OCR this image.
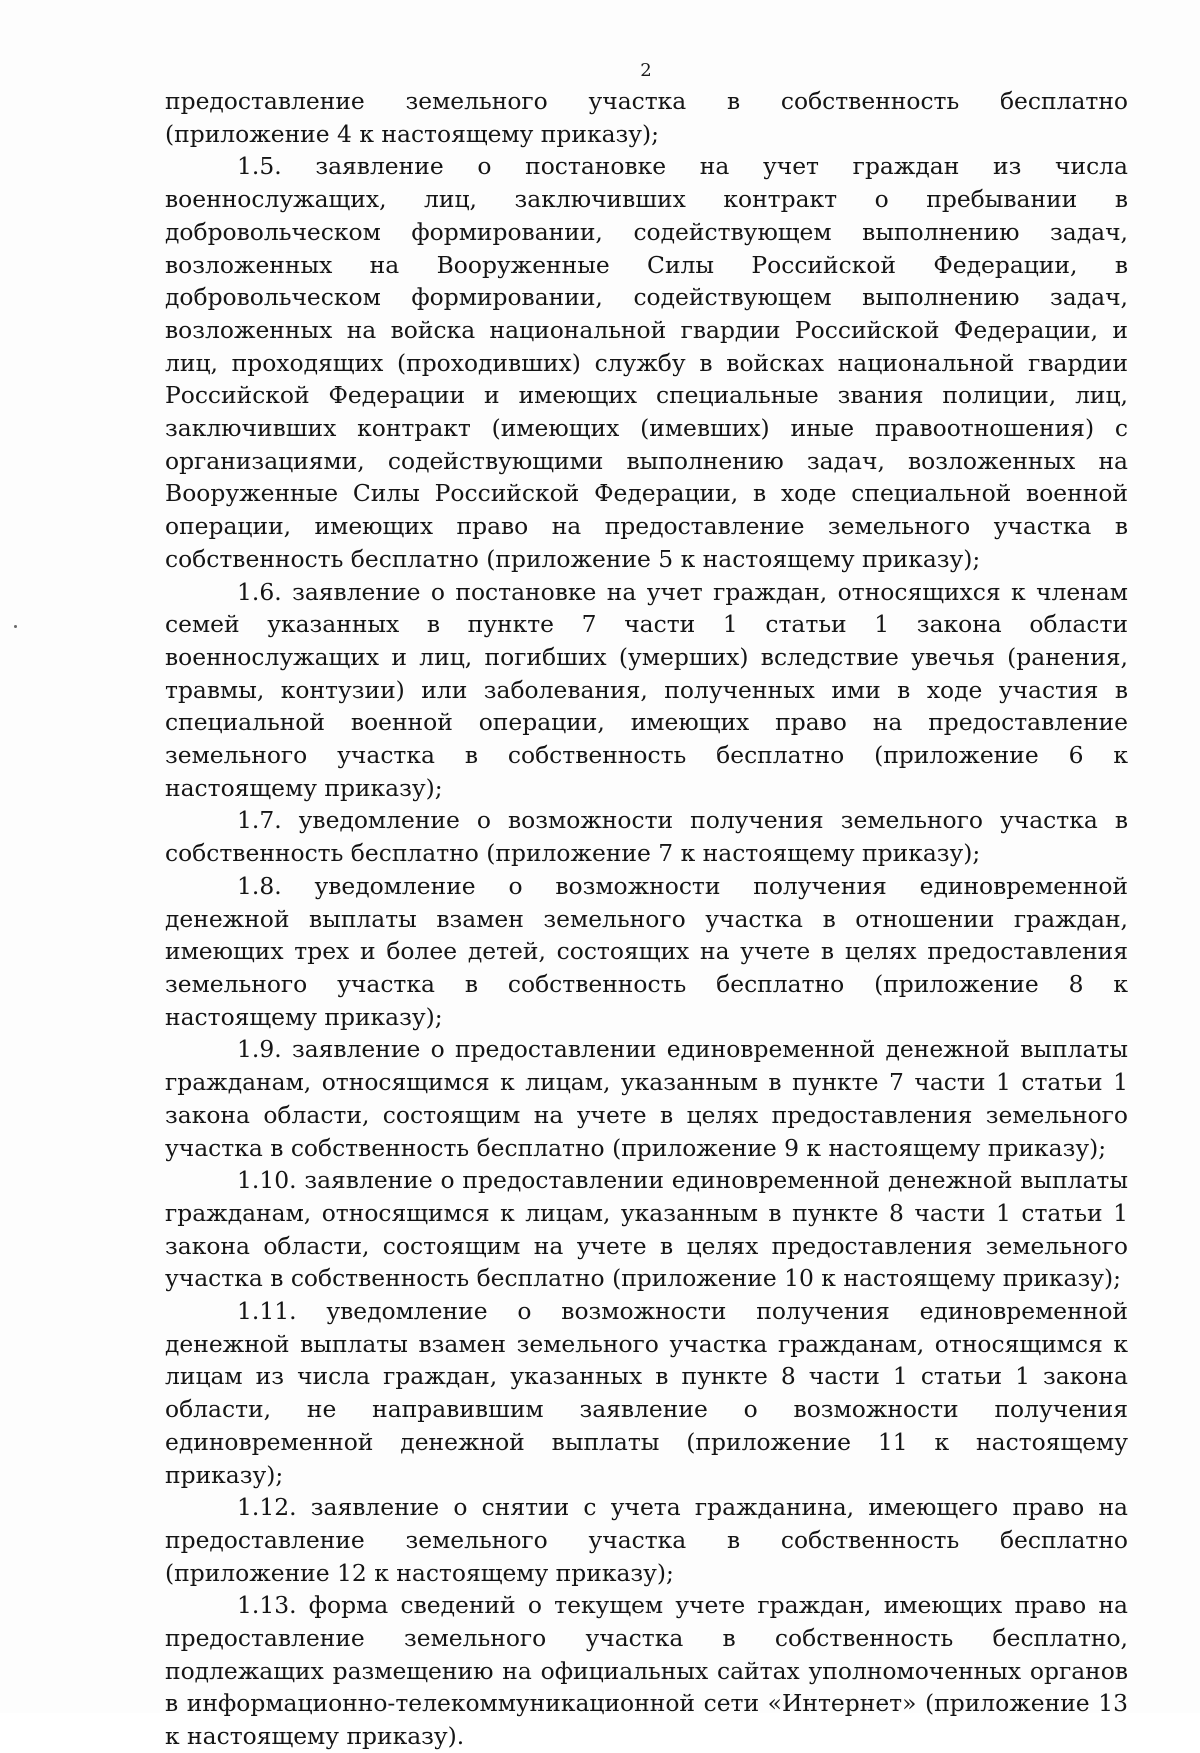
2

предоставление земельного участка в собственность бесплатно (приложение 4 к настоящему приказу);

1.5. заявление о постановке на учет граждан из числа военнослужащих, лиц, заключивших контракт о пребывании в добровольческом формировании, содействующем выполнению задач, возложенных на Вооруженные Силы Российской Федерации, в добровольческом формировании, содействующем выполнению задач, возложенных на войска национальной гвардии Российской Федерации, и лиц, проходящих (проходивших) службу в войсках национальной гвардии Российской Федерации и имеющих специальные звания полиции, лиц, заключивших контракт (имеющих (имевших) иные правоотношения) с организациями, содействующими выполнению задач, возложенных на Вооруженные Силы Российской Федерации, в ходе специальной военной операции, имеющих право на предоставление земельного участка в собственность бесплатно (приложение 5 к настоящему приказу);

1.6. заявление о постановке на учет граждан, относящихся к членам семей указанных в пункте 7 части 1 статьи 1 закона области военнослужащих и лиц, погибших (умерших) вследствие увечья (ранения, травмы, контузии) или заболевания, полученных ими в ходе участия в специальной военной операции, имеющих право на предоставление земельного участка в собственность бесплатно (приложение 6 к настоящему приказу);

1.7. уведомление о возможности получения земельного участка в собственность бесплатно (приложение 7 к настоящему приказу);

1.8. уведомление о возможности получения единовременной денежной выплаты взамен земельного участка в отношении граждан, имеющих трех и более детей, состоящих на учете в целях предоставления земельного участка в собственность бесплатно (приложение 8 к настоящему приказу);

1.9. заявление о предоставлении единовременной денежной выплаты гражданам, относящимся к лицам, указанным в пункте 7 части 1 статьи 1 закона области, состоящим на учете в целях предоставления земельного участка в собственность бесплатно (приложение 9 к настоящему приказу);

1.10. заявление о предоставлении единовременной денежной выплаты гражданам, относящимся к лицам, указанным в пункте 8 части 1 статьи 1 закона области, состоящим на учете в целях предоставления земельного участка в собственность бесплатно (приложение 10 к настоящему приказу);

1.11. уведомление о возможности получения единовременной денежной выплаты взамен земельного участка гражданам, относящимся к лицам из числа граждан, указанных в пункте 8 части 1 статьи 1 закона области, не направившим заявление о возможности получения единовременной денежной выплаты (приложение 11 к настоящему приказу);

1.12. заявление о снятии с учета гражданина, имеющего право на предоставление земельного участка в собственность бесплатно (приложение 12 к настоящему приказу);

1.13. форма сведений о текущем учете граждан, имеющих право на предоставление земельного участка в собственность бесплатно, подлежащих размещению на официальных сайтах уполномоченных органов в информационно-телекоммуникационной сети «Интернет» (приложение 13 к настоящему приказу).
